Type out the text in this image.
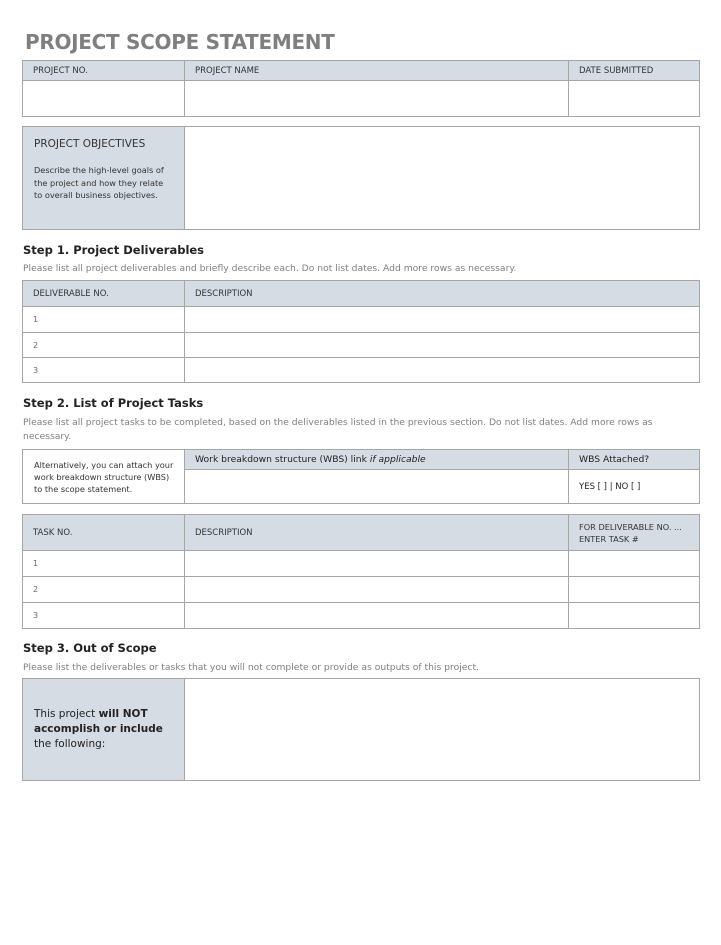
PROJECT SCOPE STATEMENT
PROJECT NO.	PROJECT NAME	DATE SUBMITTED

PROJECT OBJECTIVES
Describe the high-level goals of the project and how they relate to overall business objectives.

Step 1. Project Deliverables
Please list all project deliverables and briefly describe each. Do not list dates. Add more rows as necessary.
DELIVERABLE NO.	DESCRIPTION
1	
2	
3	
Step 2. List of Project Tasks
Please list all project tasks to be completed, based on the deliverables listed in the previous section. Do not list dates. Add more rows as necessary.
Alternatively, you can attach your work breakdown structure (WBS) to the scope statement.	Work breakdown structure (WBS) link if applicable	WBS Attached?
		YES [ ] | NO [ ]
TASK NO.	DESCRIPTION	FOR DELIVERABLE NO. ... ENTER TASK #
1		
2		
3		
Step 3. Out of Scope
Please list the deliverables or tasks that you will not complete or provide as outputs of this project.
This project will NOT accomplish or include the following:
